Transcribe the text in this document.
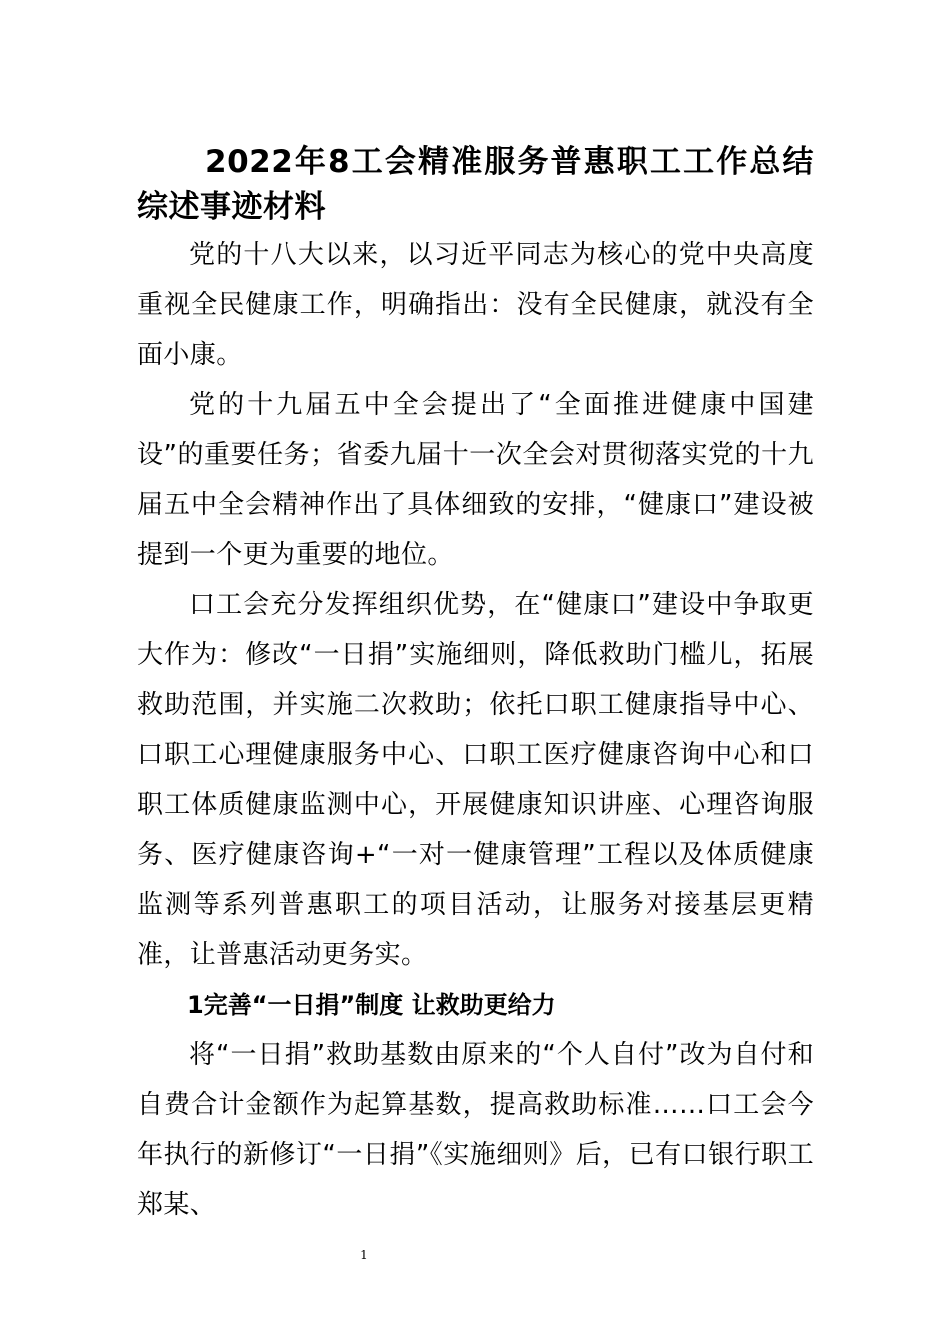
2022年8工会精准服务普惠职工工作总结综述事迹材料

党的十八大以来，以习近平同志为核心的党中央高度重视全民健康工作，明确指出：没有全民健康，就没有全面小康。

党的十九届五中全会提出了“全面推进健康中国建设”的重要任务；省委九届十一次全会对贯彻落实党的十九届五中全会精神作出了具体细致的安排，“健康口”建设被提到一个更为重要的地位。

口工会充分发挥组织优势，在“健康口”建设中争取更大作为：修改“一日捐”实施细则，降低救助门槛儿，拓展救助范围，并实施二次救助；依托口职工健康指导中心、口职工心理健康服务中心、口职工医疗健康咨询中心和口职工体质健康监测中心，开展健康知识讲座、心理咨询服务、医疗健康咨询+“一对一健康管理”工程以及体质健康监测等系列普惠职工的项目活动，让服务对接基层更精准，让普惠活动更务实。

1完善“一日捐”制度 让救助更给力

将“一日捐”救助基数由原来的“个人自付”改为自付和自费合计金额作为起算基数，提高救助标准……口工会今年执行的新修订“一日捐”《实施细则》后，已有口银行职工郑某、

1
